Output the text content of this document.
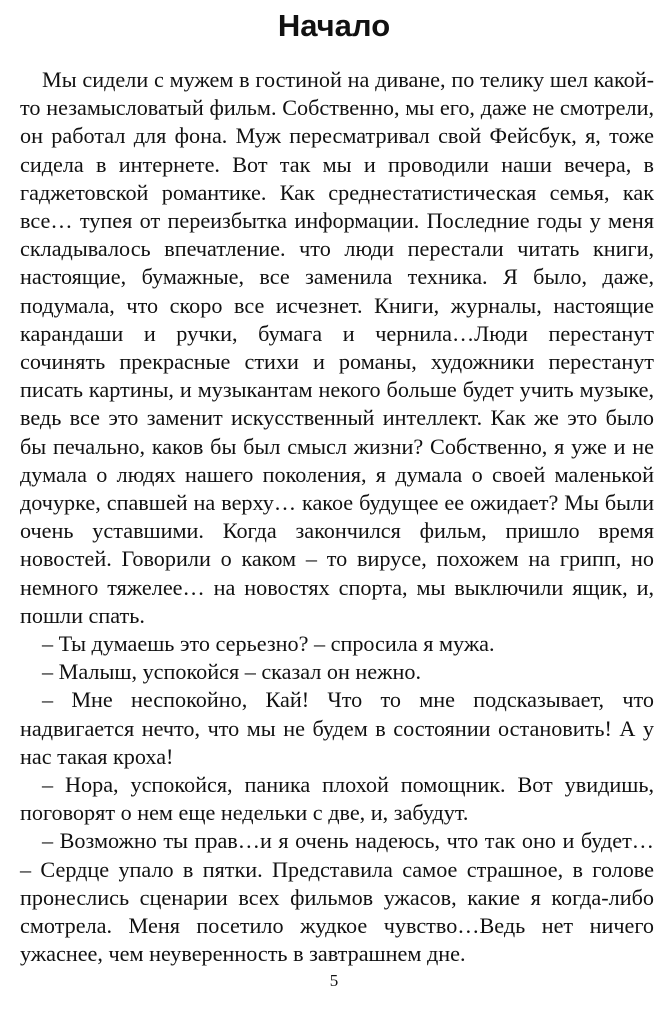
Начало

Мы сидели с мужем в гостиной на диване, по телику шел какой-то незамысловатый фильм. Собственно, мы его, даже не смотрели, он работал для фона. Муж пересматривал свой Фейсбук, я, тоже сидела в интернете. Вот так мы и проводили наши вечера, в гаджетовской романтике. Как среднестатистическая семья, как все… тупея от переизбытка информации. Последние годы у меня складывалось впечатление. что люди перестали читать книги, настоящие, бумажные, все заменила техника. Я было, даже, подумала, что скоро все исчезнет. Книги, журналы, настоящие карандаши и ручки, бумага и чернила…Люди перестанут сочинять прекрасные стихи и романы, художники перестанут писать картины, и музыкантам некого больше будет учить музыке, ведь все это заменит искусственный интеллект. Как же это было бы печально, каков бы был смысл жизни? Собственно, я уже и не думала о людях нашего поколения, я думала о своей маленькой дочурке, спавшей на верху… какое будущее ее ожидает? Мы были очень уставшими. Когда закончился фильм, пришло время новостей. Говорили о каком – то вирусе, похожем на грипп, но немного тяжелее… на новостях спорта, мы выключили ящик, и, пошли спать.

– Ты думаешь это серьезно? – спросила я мужа.

– Малыш, успокойся – сказал он нежно.

– Мне неспокойно, Кай! Что то мне подсказывает, что надвигается нечто, что мы не будем в состоянии остановить! А у нас такая кроха!

– Нора, успокойся, паника плохой помощник. Вот увидишь, поговорят о нем еще недельки с две, и, забудут.

– Возможно ты прав…и я очень надеюсь, что так оно и будет… – Сердце упало в пятки. Представила самое страшное, в голове пронеслись сценарии всех фильмов ужасов, какие я когда-либо смотрела. Меня посетило жудкое чувство…Ведь нет ничего ужаснее, чем неуверенность в завтрашнем дне.

5
